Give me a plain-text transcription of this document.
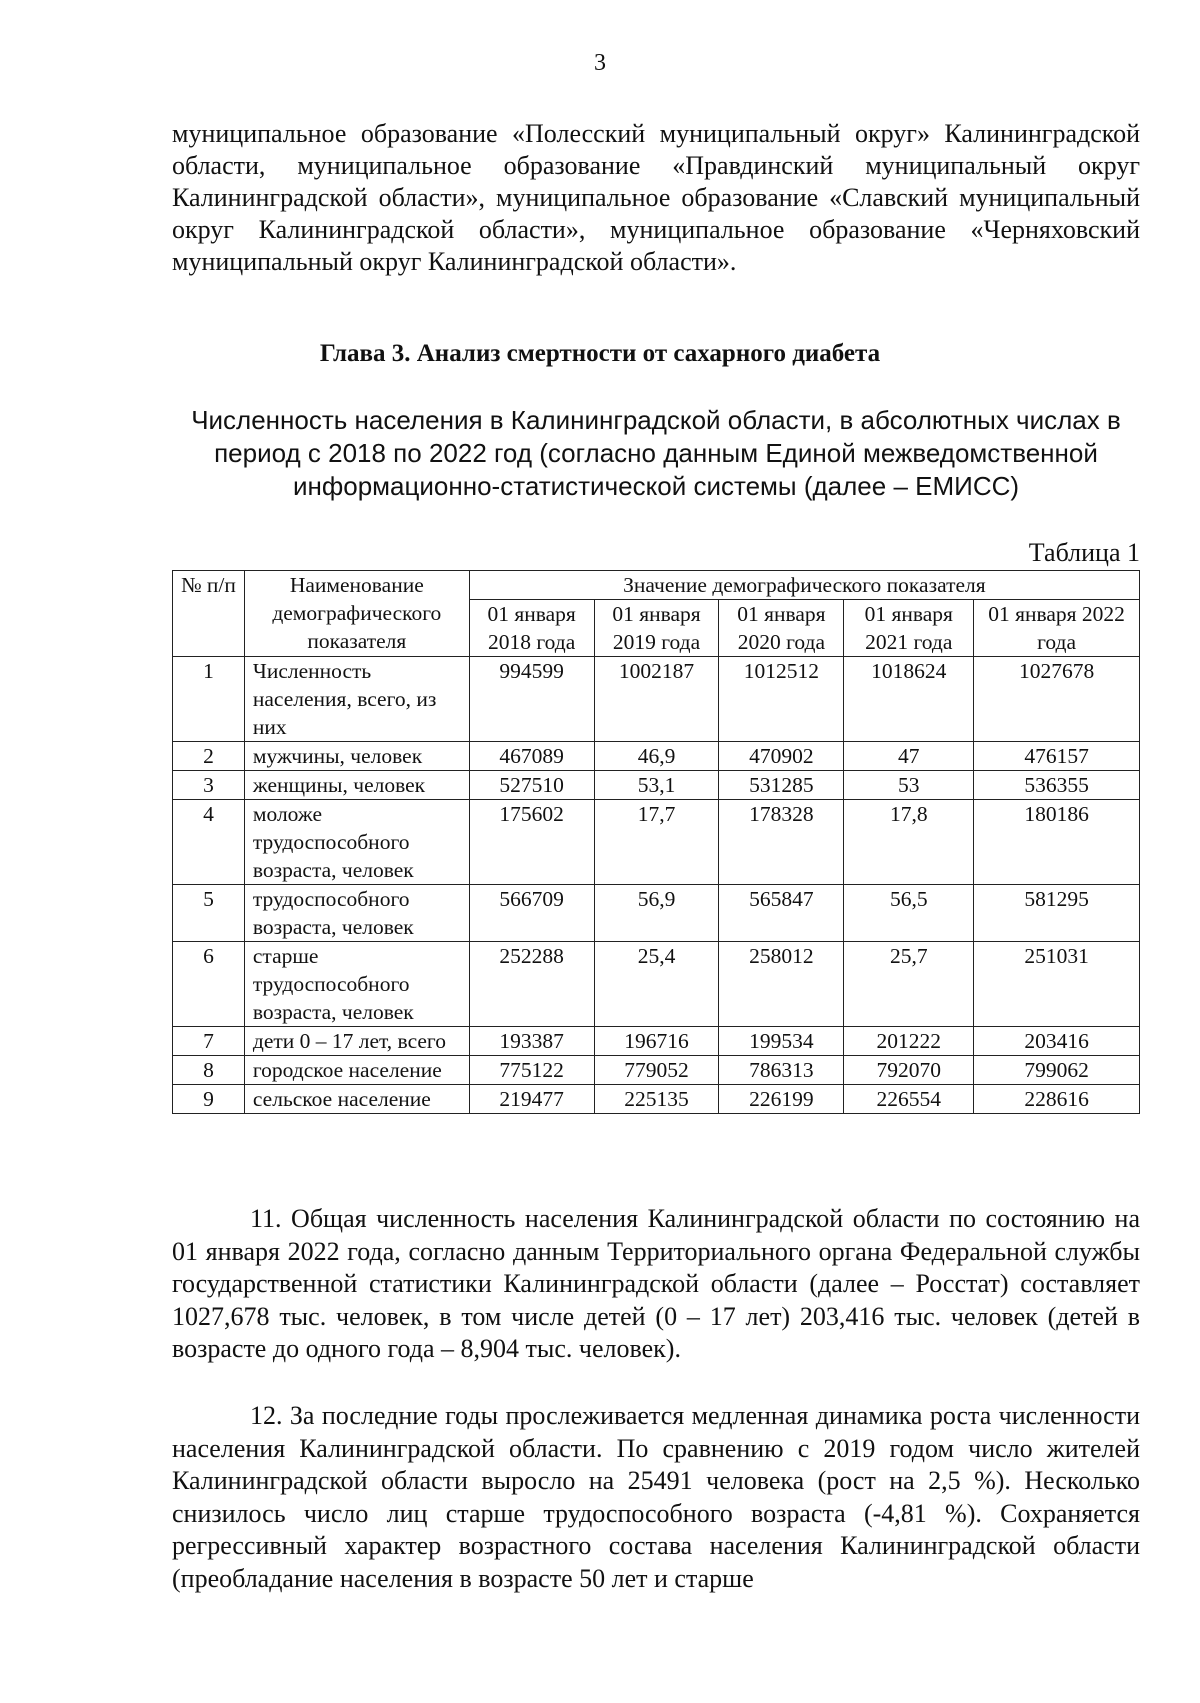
3
муниципальное образование «Полесский муниципальный округ» Калининградской области, муниципальное образование «Правдинский муниципальный округ Калининградской области», муниципальное образование «Славский муниципальный округ Калининградской области», муниципальное образование «Черняховский муниципальный округ Калининградской области».
Глава 3. Анализ смертности от сахарного диабета
Численность населения в Калининградской области, в абсолютных числах в период с 2018 по 2022 год (согласно данным Единой межведомственной информационно-статистической системы (далее – ЕМИСС)
Таблица 1
№ п/п	Наименование демографического показателя	Значение демографического показателя				
		01 января 2018 года	01 января 2019 года	01 января 2020 года	01 января 2021 года	01 января 2022 года
1	Численность населения, всего, из них	994599	1002187	1012512	1018624	1027678
2	мужчины, человек	467089	46,9	470902	47	476157
3	женщины, человек	527510	53,1	531285	53	536355
4	моложе трудоспособного возраста, человек	175602	17,7	178328	17,8	180186
5	трудоспособного возраста, человек	566709	56,9	565847	56,5	581295
6	старше трудоспособного возраста, человек	252288	25,4	258012	25,7	251031
7	дети 0 – 17 лет, всего	193387	196716	199534	201222	203416
8	городское население	775122	779052	786313	792070	799062
9	сельское население	219477	225135	226199	226554	228616
11. Общая численность населения Калининградской области по состоянию на 01 января 2022 года, согласно данным Территориального органа Федеральной службы государственной статистики Калининградской области (далее – Росстат) составляет 1027,678 тыс. человек, в том числе детей (0 – 17 лет) 203,416 тыс. человек (детей в возрасте до одного года – 8,904 тыс. человек).
12. За последние годы прослеживается медленная динамика роста численности населения Калининградской области. По сравнению с 2019 годом число жителей Калининградской области выросло на 25491 человека (рост на 2,5 %). Несколько снизилось число лиц старше трудоспособного возраста (-4,81 %). Сохраняется регрессивный характер возрастного состава населения Калининградской области (преобладание населения в возрасте 50 лет и старше
